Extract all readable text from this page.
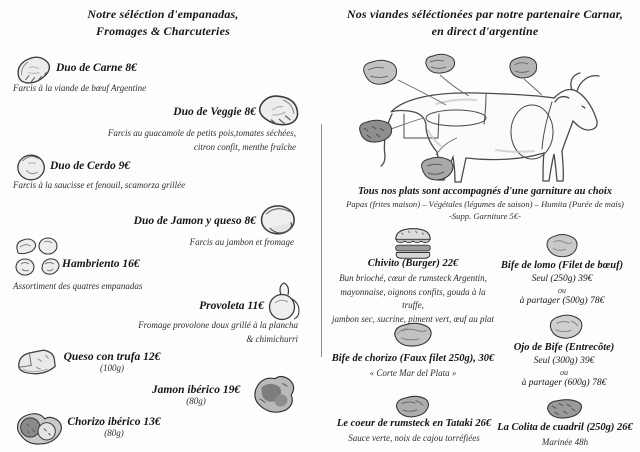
Notre séléction d'empanadas,
Fromages & Charcuteries
Duo de Carne 8€
Farcis à la viande de bœuf Argentine
Duo de Veggie 8€
Farcis au guacamole de petits pois,tomates séchées,
citron confit, menthe fraîche
Duo de Cerdo 9€
Farcis à la saucisse et fenouil, scamorza grillée
Duo de Jamon y queso 8€
Farcis au jambon et fromage
Hambriento 16€
Assortiment des quatres empanadas
Provoleta 11€
Fromage provolone doux grillé à la plancha
& chimichurri
Queso con trufa 12€
(100g)
Jamon ibérico 19€
(80g)
Chorizo ibérico 13€
(80g)
Nos viandes séléctionées par notre partenaire Carnar,
en direct d'argentine
Tous nos plats sont accompagnés d'une garniture au choix
Papas (frites maison) – Végétales (légumes de saison) – Humita (Purée de maïs)
-Supp. Garniture 5€-
Chivito (Burger) 22€
Bun brioché, cœur de rumsteck Argentin,
mayonnaise, oignons confits, gouda à la truffe,
jambon sec, sucrine, piment vert, œuf au plat
Bife de lomo (Filet de bœuf)
Seul (250g) 39€
ou
à partager (500g) 78€
Bife de chorizo (Faux filet 250g), 30€
« Corte Mar del Plata »
Ojo de Bife (Entrecôte)
Seul (300g) 39€
ou
à partager (600g) 78€
Le coeur de rumsteck en Tataki 26€
Sauce verte, noix de cajou torréfiées
La Colita de cuadril (250g) 26€
Marinée 48h
